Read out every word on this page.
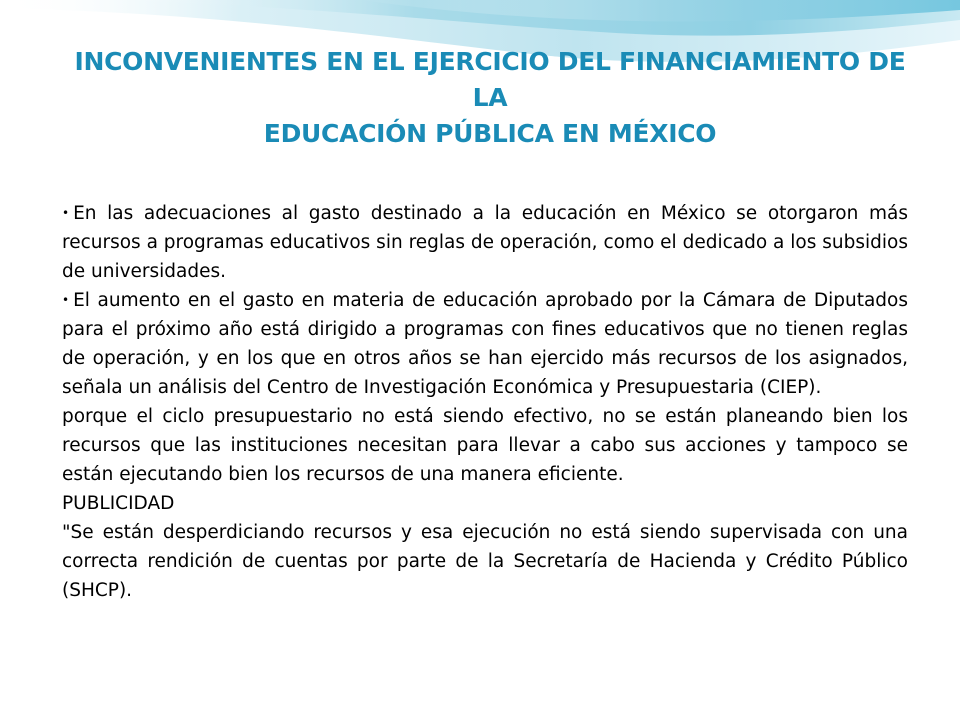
INCONVENIENTES EN EL EJERCICIO DEL FINANCIAMIENTO DE LA
EDUCACIÓN PÚBLICA EN MÉXICO

• En las adecuaciones al gasto destinado a la educación en México se otorgaron más recursos a programas educativos sin reglas de operación, como el dedicado a los subsidios de universidades.

• El aumento en el gasto en materia de educación aprobado por la Cámara de Diputados para el próximo año está dirigido a programas con fines educativos que no tienen reglas de operación, y en los que en otros años se han ejercido más recursos de los asignados, señala un análisis del Centro de Investigación Económica y Presupuestaria (CIEP).

porque el ciclo presupuestario no está siendo efectivo, no se están planeando bien los recursos que las instituciones necesitan para llevar a cabo sus acciones y tampoco se están ejecutando bien los recursos de una manera eficiente.

PUBLICIDAD

"Se están desperdiciando recursos y esa ejecución no está siendo supervisada con una correcta rendición de cuentas por parte de la Secretaría de Hacienda y Crédito Público (SHCP).
